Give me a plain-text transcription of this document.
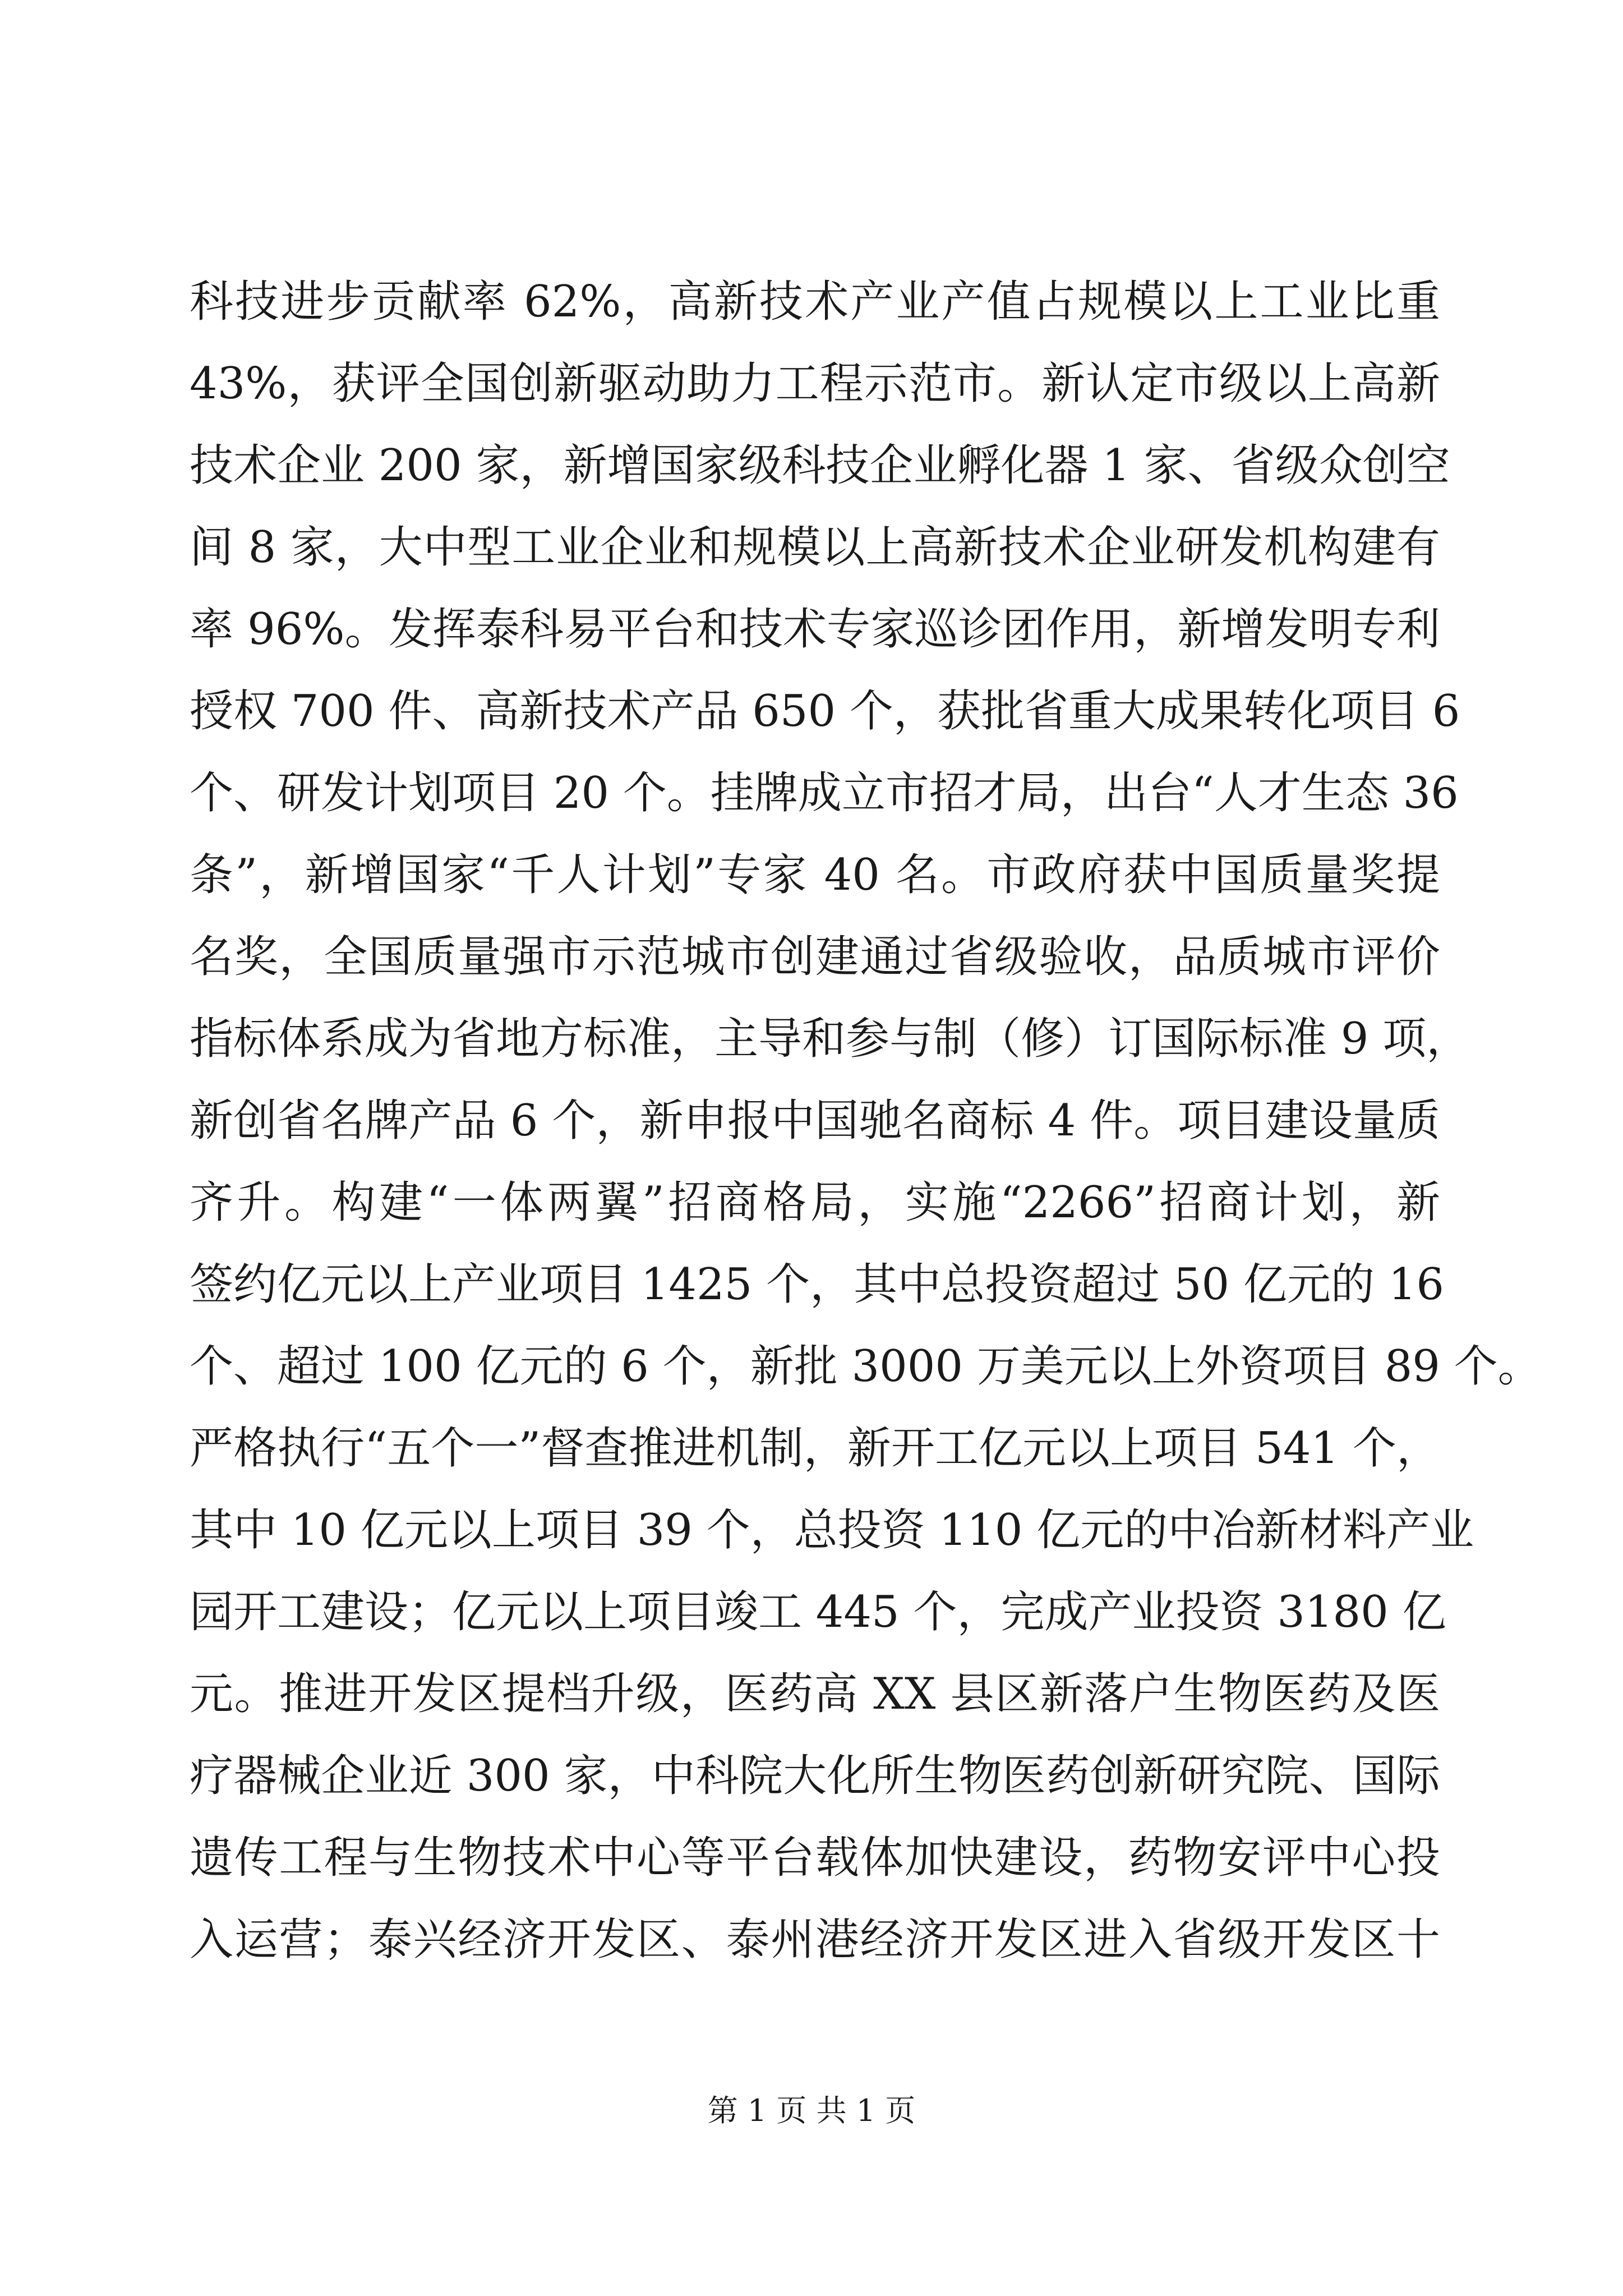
科技进步贡献率 62%，高新技术产业产值占规模以上工业比重
43%，获评全国创新驱动助力工程示范市。新认定市级以上高新
技术企业 200 家，新增国家级科技企业孵化器 1 家、省级众创空
间 8 家，大中型工业企业和规模以上高新技术企业研发机构建有
率 96%。发挥泰科易平台和技术专家巡诊团作用，新增发明专利
授权 700 件、高新技术产品 650 个，获批省重大成果转化项目 6
个、研发计划项目 20 个。挂牌成立市招才局，出台“人才生态 36
条”，新增国家“千人计划”专家 40 名。市政府获中国质量奖提
名奖，全国质量强市示范城市创建通过省级验收，品质城市评价
指标体系成为省地方标准，主导和参与制（修）订国际标准 9 项，
新创省名牌产品 6 个，新申报中国驰名商标 4 件。项目建设量质
齐升。构建“一体两翼”招商格局，实施“2266”招商计划，新
签约亿元以上产业项目 1425 个，其中总投资超过 50 亿元的 16
个、超过 100 亿元的 6 个，新批 3000 万美元以上外资项目 89 个。
严格执行“五个一”督查推进机制，新开工亿元以上项目 541 个，
其中 10 亿元以上项目 39 个，总投资 110 亿元的中冶新材料产业
园开工建设；亿元以上项目竣工 445 个，完成产业投资 3180 亿
元。推进开发区提档升级，医药高 XX 县区新落户生物医药及医
疗器械企业近 300 家，中科院大化所生物医药创新研究院、国际
遗传工程与生物技术中心等平台载体加快建设，药物安评中心投
入运营；泰兴经济开发区、泰州港经济开发区进入省级开发区十
第 1 页 共 1 页
